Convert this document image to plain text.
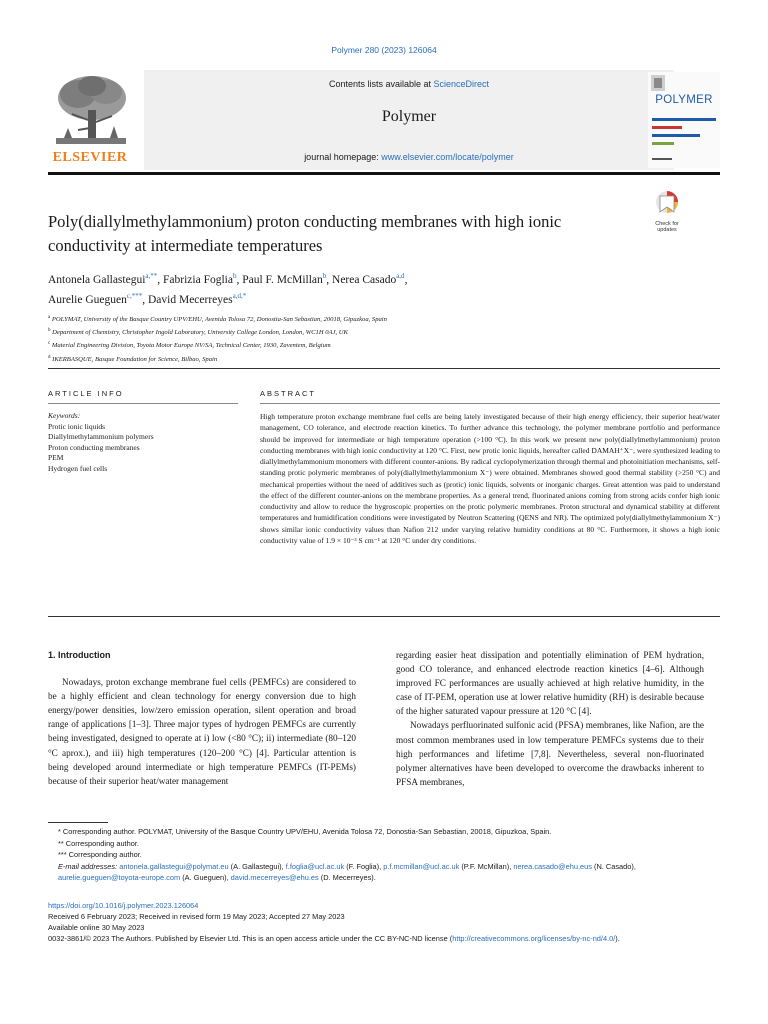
Polymer 280 (2023) 126064
ELSEVIER
Contents lists available at ScienceDirect
Polymer
journal homepage: www.elsevier.com/locate/polymer
POLYMER
Poly(diallylmethylammonium) proton conducting membranes with high ionic conductivity at intermediate temperatures
Check for
updates
Antonela Gallastegui$^{a,**}$, Fabrizia Foglia$^b$, Paul F. McMillan$^b$, Nerea Casado$^{a,d}$,
Aurelie Gueguen$^{c,***}$, David Mecerreyes$^{a,d,*}$
$^a$ POLYMAT, University of the Basque Country UPV/EHU, Avenida Tolosa 72, Donostia-San Sebastian, 20018, Gipuzkoa, Spain
$^b$ Department of Chemistry, Christopher Ingold Laboratory, University College London, London, WC1H 0AJ, UK
$^c$ Material Engineering Division, Toyota Motor Europe NV/SA, Technical Center, 1930, Zaventem, Belgium
$^d$ IKERBASQUE, Basque Foundation for Science, Bilbao, Spain
ARTICLE INFO	ABSTRACT
Keywords:
Protic ionic liquids
Diallylmethylammonium polymers
Proton conducting membranes
PEM
Hydrogen fuel cells
High temperature proton exchange membrane fuel cells are being lately investigated because of their high energy efficiency, their superior heat/water management, CO tolerance, and electrode reaction kinetics. To further advance this technology, the polymer membrane portfolio and performance should be improved for intermediate or high temperature operation (>100 °C). In this work we present new poly(diallylmethylammonium) proton conducting membranes with high ionic conductivity at 120 °C. First, new protic ionic liquids, hereafter called DAMAH⁺X⁻, were synthesized leading to diallylmethylammonium monomers with different counter-anions. By radical cyclopolymerization through thermal and photoinitiation mechanisms, self-standing protic polymeric membranes of poly(diallylmethylammonium X⁻) were obtained. Membranes showed good thermal stability (>250 °C) and mechanical properties without the need of additives such as (protic) ionic liquids, solvents or inorganic charges. Great attention was paid to understand the effect of the different counter-anions on the membrane properties. As a general trend, fluorinated anions coming from strong acids confer high ionic conductivity and allow to reduce the hygroscopic properties on the protic polymeric membranes. Proton structural and dynamical stability at different temperatures and humidification conditions were investigated by Neutron Scattering (QENS and NR). The optimized poly(diallylmethylammonium X⁻) shows similar ionic conductivity values than Nafion 212 under varying relative humidity conditions at 80 °C. Furthermore, it shows a high ionic conductivity value of 1.9 × 10⁻³ S cm⁻¹ at 120 °C under dry conditions.
1. Introduction

Nowadays, proton exchange membrane fuel cells (PEMFCs) are considered to be a highly efficient and clean technology for energy conversion due to high energy/power densities, low/zero emission operation, silent operation and broad range of applications [1–3]. Three major types of hydrogen PEMFCs are currently being investigated, designed to operate at i) low (<80 °C); ii) intermediate (80–120 °C aprox.), and iii) high temperatures (120–200 °C) [4]. Particular attention is being developed around intermediate or high temperature PEMFCs (IT-PEMs) because of their superior heat/water management

regarding easier heat dissipation and potentially elimination of PEM hydration, good CO tolerance, and enhanced electrode reaction kinetics [4–6]. Although improved FC performances are usually achieved at high relative humidity, in the case of IT-PEM, operation use at lower relative humidity (RH) is desirable because of the higher saturated vapour pressure at 120 °C [4].

Nowadays perfluorinated sulfonic acid (PFSA) membranes, like Nafion, are the most common membranes used in low temperature PEMFCs systems due to their high performances and lifetime [7,8]. Nevertheless, several non-fluorinated polymer alternatives have been developed to overcome the drawbacks inherent to PFSA membranes,

* Corresponding author. POLYMAT, University of the Basque Country UPV/EHU, Avenida Tolosa 72, Donostia-San Sebastian, 20018, Gipuzkoa, Spain.
** Corresponding author.
*** Corresponding author.
E-mail addresses: antonela.gallastegui@polymat.eu (A. Gallastegui), f.foglia@ucl.ac.uk (F. Foglia), p.f.mcmillan@ucl.ac.uk (P.F. McMillan), nerea.casado@ehu.eus (N. Casado), aurelie.gueguen@toyota-europe.com (A. Gueguen), david.mecerreyes@ehu.es (D. Mecerreyes).
https://doi.org/10.1016/j.polymer.2023.126064
Received 6 February 2023; Received in revised form 19 May 2023; Accepted 27 May 2023
Available online 30 May 2023
0032-3861/© 2023 The Authors. Published by Elsevier Ltd. This is an open access article under the CC BY-NC-ND license (http://creativecommons.org/licenses/by-nc-nd/4.0/).
